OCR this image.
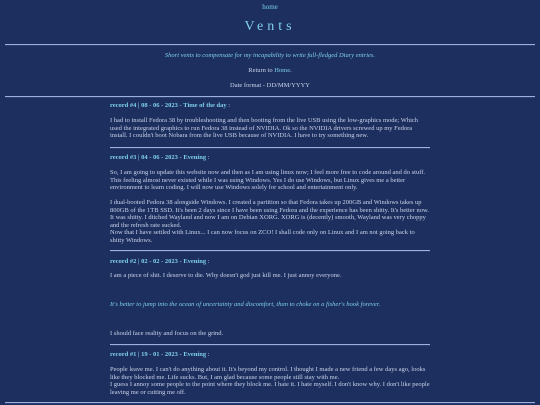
home
Vents
Short vents to compensate for my incapability to write full-fledged Diary entries.
Return to Home.
Date format - DD/MM/YYYY
record #4 | 08 - 06 - 2023 - Time of the day :
I had to install Fedora 38 by troubleshooting and then booting from the live USB using the low-graphics mode; Which used the integrated graphics to run Fedora 38 instead of NVIDIA. Ok so the NVIDIA drivers screwed up my Fedora install. I couldn't boot Nobara from the live USB because of NVIDIA. I have to try something new.
record #3 | 04 - 06 - 2023 - Evening :
So, I am going to update this website now and then as I am using linux now; I feel more free to code around and do stuff. This feeling almost never existed while I was using Windows. Yes I do use Windows, but Linux gives me a better environment to learn coding. I will now use Windows solely for school and entertainment only.
I dual-booted Fedora 38 alongside Windows. I created a partition so that Fedora takes up 200GB and Windows takes up 800GB of the 1TB SSD. It's been 2 days since I have been using Fedora and the experience has been shitty. It's better now. It was shitty. I ditched Wayland and now I am on Debian XORG. XORG is (decently) smooth, Wayland was very choppy and the refresh rate sucked.
Now that I have settled with Linux... I can now focus on ZCO! I shall code only on Linux and I am not going back to shitty Windows.
record #2 | 02 - 02 - 2023 - Evening :
I am a piece of shit. I deserve to die. Why doesn't god just kill me. I just annoy everyone.
It's better to jump into the ocean of uncertainty and discomfort, than to choke on a fisher's hook forever.
I should face reality and focus on the grind.
record #1 | 19 - 01 - 2023 - Evening :
People leave me. I can't do anything about it. It's beyond my control. I thought I made a new friend a few days ago, looks like they blocked me. Life sucks. But, I am glad because some people still stay with me.
I guess I annoy some people to the point where they block me. I hate it. I hate myself. I don't know why. I don't like people leaving me or cutting me off.
